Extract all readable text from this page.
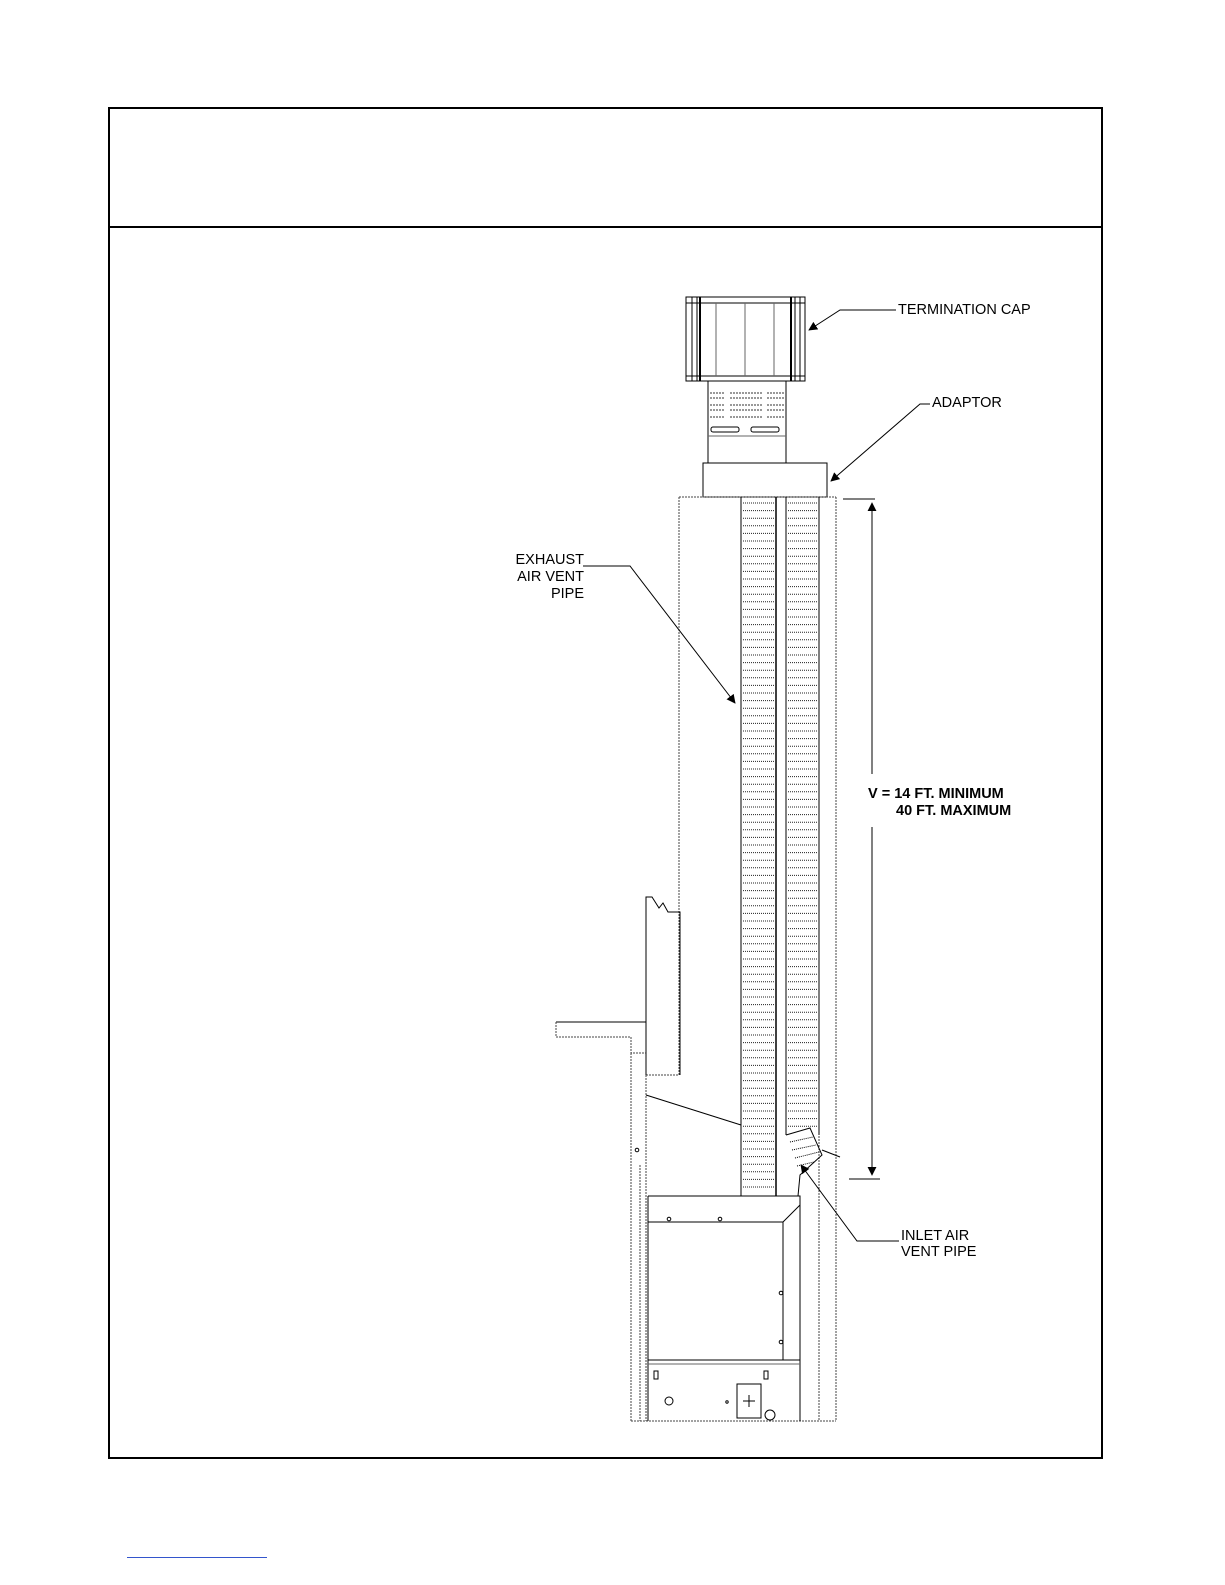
TERMINATION CAP
ADAPTOR
EXHAUST
AIR VENT
PIPE
V = 14 FT. MINIMUM
40 FT. MAXIMUM
INLET AIR
VENT PIPE
